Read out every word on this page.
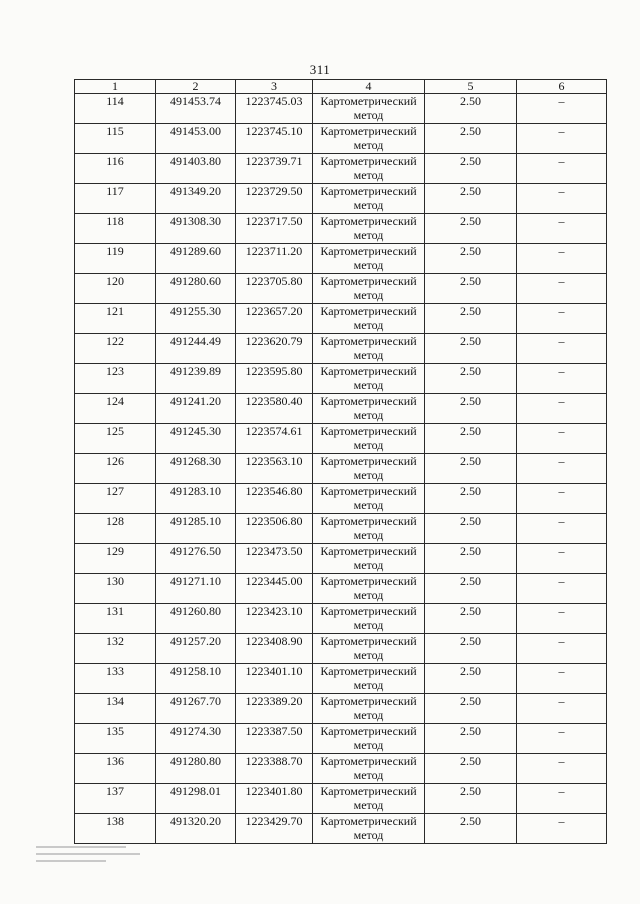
311
1	2	3	4	5	6
114	491453.74	1223745.03	Картометрический метод	2.50	–
115	491453.00	1223745.10	Картометрический метод	2.50	–
116	491403.80	1223739.71	Картометрический метод	2.50	–
117	491349.20	1223729.50	Картометрический метод	2.50	–
118	491308.30	1223717.50	Картометрический метод	2.50	–
119	491289.60	1223711.20	Картометрический метод	2.50	–
120	491280.60	1223705.80	Картометрический метод	2.50	–
121	491255.30	1223657.20	Картометрический метод	2.50	–
122	491244.49	1223620.79	Картометрический метод	2.50	–
123	491239.89	1223595.80	Картометрический метод	2.50	–
124	491241.20	1223580.40	Картометрический метод	2.50	–
125	491245.30	1223574.61	Картометрический метод	2.50	–
126	491268.30	1223563.10	Картометрический метод	2.50	–
127	491283.10	1223546.80	Картометрический метод	2.50	–
128	491285.10	1223506.80	Картометрический метод	2.50	–
129	491276.50	1223473.50	Картометрический метод	2.50	–
130	491271.10	1223445.00	Картометрический метод	2.50	–
131	491260.80	1223423.10	Картометрический метод	2.50	–
132	491257.20	1223408.90	Картометрический метод	2.50	–
133	491258.10	1223401.10	Картометрический метод	2.50	–
134	491267.70	1223389.20	Картометрический метод	2.50	–
135	491274.30	1223387.50	Картометрический метод	2.50	–
136	491280.80	1223388.70	Картометрический метод	2.50	–
137	491298.01	1223401.80	Картометрический метод	2.50	–
138	491320.20	1223429.70	Картометрический метод	2.50	–
